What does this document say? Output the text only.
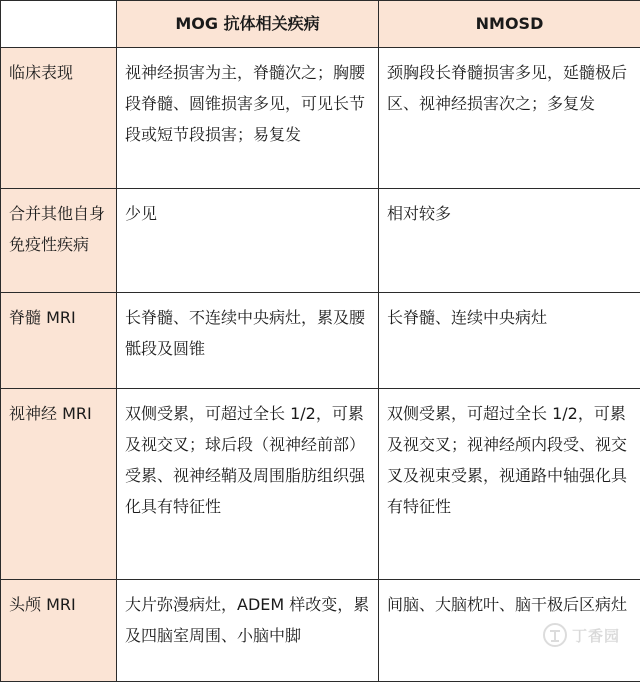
	MOG 抗体相关疾病	NMOSD
临床表现	视神经损害为主，脊髓次之；胸腰段脊髓、圆锥损害多见，可见长节段或短节段损害；易复发	颈胸段长脊髓损害多见，延髓极后区、视神经损害次之；多复发
合并其他自身免疫性疾病	少见	相对较多
脊髓 MRI	长脊髓、不连续中央病灶，累及腰骶段及圆锥	长脊髓、连续中央病灶
视神经 MRI	双侧受累，可超过全长 1/2，可累及视交叉；球后段（视神经前部）受累、视神经鞘及周围脂肪组织强化具有特征性	双侧受累，可超过全长 1/2，可累及视交叉；视神经颅内段受、视交叉及视束受累，视通路中轴强化具有特征性
头颅 MRI	大片弥漫病灶，ADEM 样改变，累及四脑室周围、小脑中脚	间脑、大脑枕叶、脑干极后区病灶
丁香园
